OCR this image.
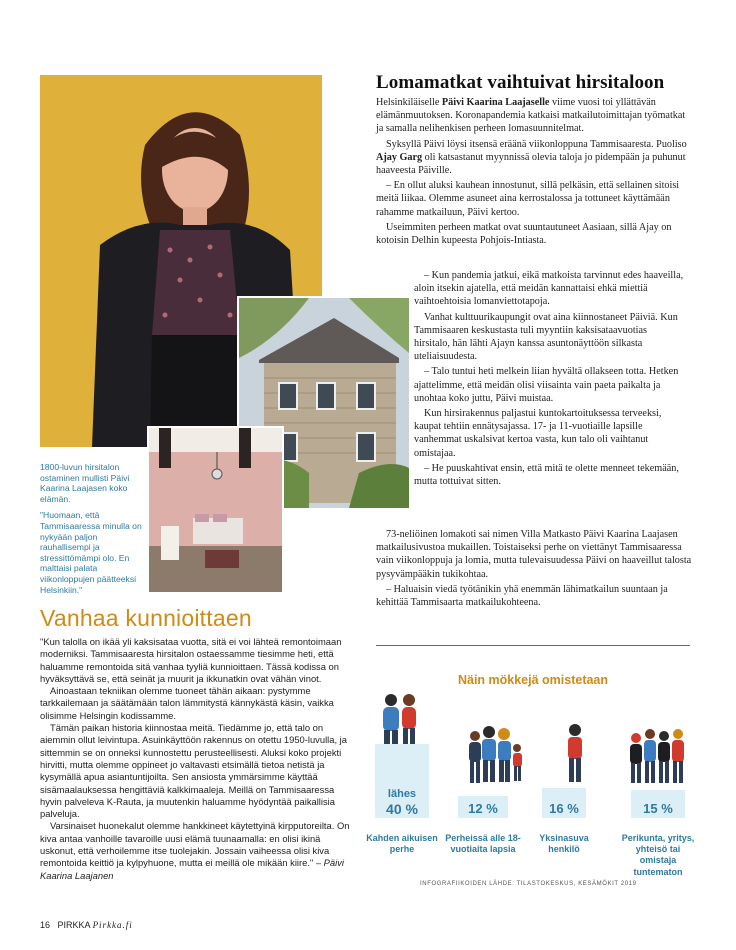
1800-luvun hirsitalon ostaminen mullisti Päivi Kaarina Laajasen koko elämän.

"Huomaan, että Tammisaaressa minulla on nykyään paljon rauhallisempi ja stressittömämpi olo. En malttaisi palata viikonloppujen päätteeksi Helsinkiin."

Lomamatkat vaihtuivat hirsitaloon

Helsinkiläiselle Päivi Kaarina Laajaselle viime vuosi toi yllättävän elämänmuutoksen. Koronapandemia katkaisi matkailutoimittajan työmatkat ja samalla nelihenkisen perheen lomasuunnitelmat.

Syksyllä Päivi löysi itsensä eräänä viikonloppuna Tammisaaresta. Puoliso Ajay Garg oli katsastanut myynnissä olevia taloja jo pidempään ja puhunut haaveesta Päiville.

– En ollut aluksi kauhean innostunut, sillä pelkäsin, että sellainen sitoisi meitä liikaa. Olemme asuneet aina kerrostalossa ja tottuneet käyttämään rahamme matkailuun, Päivi kertoo.

Useimmiten perheen matkat ovat suuntautuneet Aasiaan, sillä Ajay on kotoisin Delhin kupeesta Pohjois-Intiasta.

– Kun pandemia jatkui, eikä matkoista tarvinnut edes haaveilla, aloin itsekin ajatella, että meidän kannattaisi ehkä miettiä vaihtoehtoisia lomanviettotapoja.

Vanhat kulttuurikaupungit ovat aina kiinnostaneet Päiviä. Kun Tammisaaren keskustasta tuli myyntiin kaksisataavuotias hirsitalo, hän lähti Ajayn kanssa asuntonäyttöön silkasta uteliaisuudesta.

– Talo tuntui heti melkein liian hyvältä ollakseen totta. Hetken ajattelimme, että meidän olisi viisainta vain paeta paikalta ja unohtaa koko juttu, Päivi muistaa.

Kun hirsirakennus paljastui kuntokartoituksessa terveeksi, kaupat tehtiin ennätysajassa. 17- ja 11-vuotiaille lapsille vanhemmat uskalsivat kertoa vasta, kun talo oli vaihtanut omistajaa.

– He puuskahtivat ensin, että mitä te olette menneet tekemään, mutta tottuivat sitten.

73-neliöinen lomakoti sai nimen Villa Matkasto Päivi Kaarina Laajasen matkailusivustoa mukaillen. Toistaiseksi perhe on viettänyt Tammisaaressa vain viikonloppuja ja lomia, mutta tulevaisuudessa Päivi on haaveillut talosta pysyvämpääkin tukikohtaa.

– Haluaisin viedä työtänikin yhä enemmän lähimatkailun suuntaan ja kehittää Tammisaarta matkailukohteena.

Vanhaa kunnioittaen

"Kun talolla on ikää yli kaksisataa vuotta, sitä ei voi lähteä remontoimaan moderniksi. Tammisaaresta hirsitalon ostaessamme tiesimme heti, että haluamme remontoida sitä vanhaa tyyliä kunnioittaen. Tässä kodissa on hyväksyttävä se, että seinät ja muurit ja ikkunatkin ovat vähän vinot.

Ainoastaan tekniikan olemme tuoneet tähän aikaan: pystymme tarkkailemaan ja säätämään talon lämmitystä kännykästä käsin, vaikka olisimme Helsingin kodissamme.

Tämän paikan historia kiinnostaa meitä. Tiedämme jo, että talo on aiemmin ollut leivintupa. Asuinkäyttöön rakennus on otettu 1950-luvulla, ja sittemmin se on onneksi kunnostettu perusteellisesti. Aluksi koko projekti hirvitti, mutta olemme oppineet jo valtavasti etsimällä tietoa netistä ja kysymällä apua asiantuntijoilta. Sen ansiosta ymmärsimme käyttää sisämaalauksessa hengittäviä kalkkimaaleja. Meillä on Tammisaaressa hyvin palveleva K-Rauta, ja muutenkin haluamme hyödyntää paikallisia palveluja.

Varsinaiset huonekalut olemme hankkineet käytettyinä kirpputoreilta. On kiva antaa vanhoille tavaroille uusi elämä tuunaamalla: en olisi ikinä uskonut, että verhoilemme itse tuolejakin. Jossain vaiheessa olisi kiva remontoida keittiö ja kylpyhuone, mutta ei meillä ole mikään kiire." – Päivi Kaarina Laajanen

Näin mökkejä omistetaan
lähes
40 %
Kahden aikuisen perhe
12 %
Perheissä alle 18-vuotiaita lapsia
16 %
Yksinasuva henkilö
15 %
Perikunta, yritys, yhteisö tai omistaja tuntematon
INFOGRAFIIKOIDEN LÄHDE: TILASTOKESKUS, KESÄMÖKIT 2019
16 PIRKKA Pirkka.fi
